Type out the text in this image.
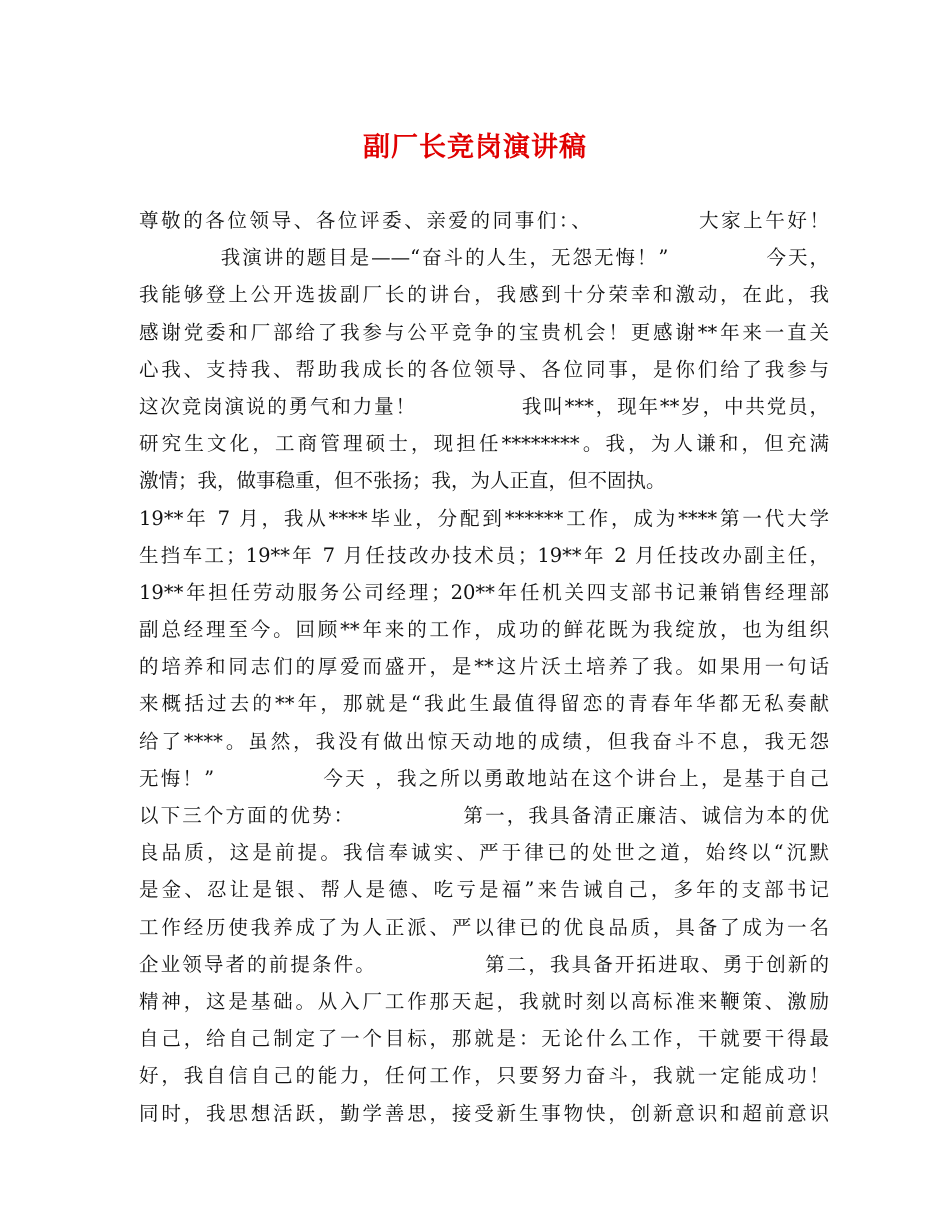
副厂长竞岗演讲稿
尊敬的各位领导、各位评委、亲爱的同事们：、            大家上午好！
我演讲的题目是——“奋斗的人生，无怨无悔！”            今天，
我能够登上公开选拔副厂长的讲台，我感到十分荣幸和激动，在此，我
感谢党委和厂部给了我参与公平竞争的宝贵机会！更感谢**年来一直关
心我、支持我、帮助我成长的各位领导、各位同事，是你们给了我参与
这次竞岗演说的勇气和力量！             我叫***，现年**岁，中共党员，
研究生文化，工商管理硕士，现担任********。我，为人谦和，但充满
激情；我，做事稳重，但不张扬；我，为人正直，但不固执。
19**年 7 月，我从****毕业，分配到******工作，成为****第一代大学
生挡车工；19**年 7 月任技改办技术员；19**年 2 月任技改办副主任，
19**年担任劳动服务公司经理；20**年任机关四支部书记兼销售经理部
副总经理至今。回顾**年来的工作，成功的鲜花既为我绽放，也为组织
的培养和同志们的厚爱而盛开，是**这片沃土培养了我。如果用一句话
来概括过去的**年，那就是“我此生最值得留恋的青春年华都无私奏献
给了****。虽然，我没有做出惊天动地的成绩，但我奋斗不息，我无怨
无悔！”             今天 ，我之所以勇敢地站在这个讲台上，是基于自己
以下三个方面的优势：             第一，我具备清正廉洁、诚信为本的优
良品质，这是前提。我信奉诚实、严于律已的处世之道，始终以“沉默
是金、忍让是银、帮人是德、吃亏是福”来告诫自己，多年的支部书记
工作经历使我养成了为人正派、严以律已的优良品质，具备了成为一名
企业领导者的前提条件。             第二，我具备开拓进取、勇于创新的
精神，这是基础。从入厂工作那天起，我就时刻以高标准来鞭策、激励
自己，给自己制定了一个目标，那就是：无论什么工作，干就要干得最
好，我自信自己的能力，任何工作，只要努力奋斗，我就一定能成功！
同时，我思想活跃，勤学善思，接受新生事物快，创新意识和超前意识
